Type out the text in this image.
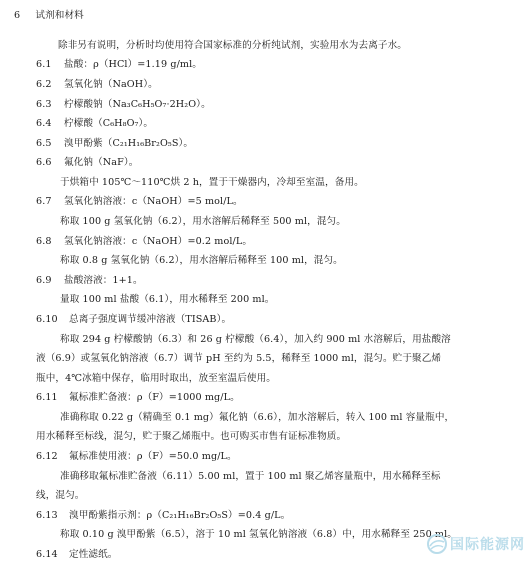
6 试剂和材料
除非另有说明，分析时均使用符合国家标准的分析纯试剂，实验用水为去离子水。
6.1 盐酸：ρ（HCl）=1.19 g/ml。
6.2 氢氧化钠（NaOH）。
6.3 柠檬酸钠（Na₃C₆H₅O₇·2H₂O）。
6.4 柠檬酸（C₆H₈O₇）。
6.5 溴甲酚紫（C₂₁H₁₆Br₂O₅S）。
6.6 氟化钠（NaF）。
于烘箱中 105℃～110℃烘 2 h，置于干燥器内，冷却至室温，备用。
6.7 氢氧化钠溶液：c（NaOH）=5 mol/L。
称取 100 g 氢氧化钠（6.2），用水溶解后稀释至 500 ml，混匀。
6.8 氢氧化钠溶液：c（NaOH）=0.2 mol/L。
称取 0.8 g 氢氧化钠（6.2），用水溶解后稀释至 100 ml，混匀。
6.9 盐酸溶液：1+1。
量取 100 ml 盐酸（6.1），用水稀释至 200 ml。
6.10 总离子强度调节缓冲溶液（TISAB）。
称取 294 g 柠檬酸钠（6.3）和 26 g 柠檬酸（6.4），加入约 900 ml 水溶解后，用盐酸溶
液（6.9）或氢氧化钠溶液（6.7）调节 pH 至约为 5.5，稀释至 1000 ml，混匀。贮于聚乙烯
瓶中，4℃冰箱中保存，临用时取出，放至室温后使用。
6.11 氟标准贮备液：ρ（F）=1000 mg/L。
准确称取 0.22 g（精确至 0.1 mg）氟化钠（6.6），加水溶解后，转入 100 ml 容量瓶中，
用水稀释至标线，混匀，贮于聚乙烯瓶中。也可购买市售有证标准物质。
6.12 氟标准使用液：ρ（F）=50.0 mg/L。
准确移取氟标准贮备液（6.11）5.00 ml，置于 100 ml 聚乙烯容量瓶中，用水稀释至标
线，混匀。
6.13 溴甲酚紫指示剂：ρ（C₂₁H₁₆Br₂O₅S）=0.4 g/L。
称取 0.10 g 溴甲酚紫（6.5），溶于 10 ml 氢氧化钠溶液（6.8）中，用水稀释至 250 ml。
6.14 定性滤纸。
国际能源网
